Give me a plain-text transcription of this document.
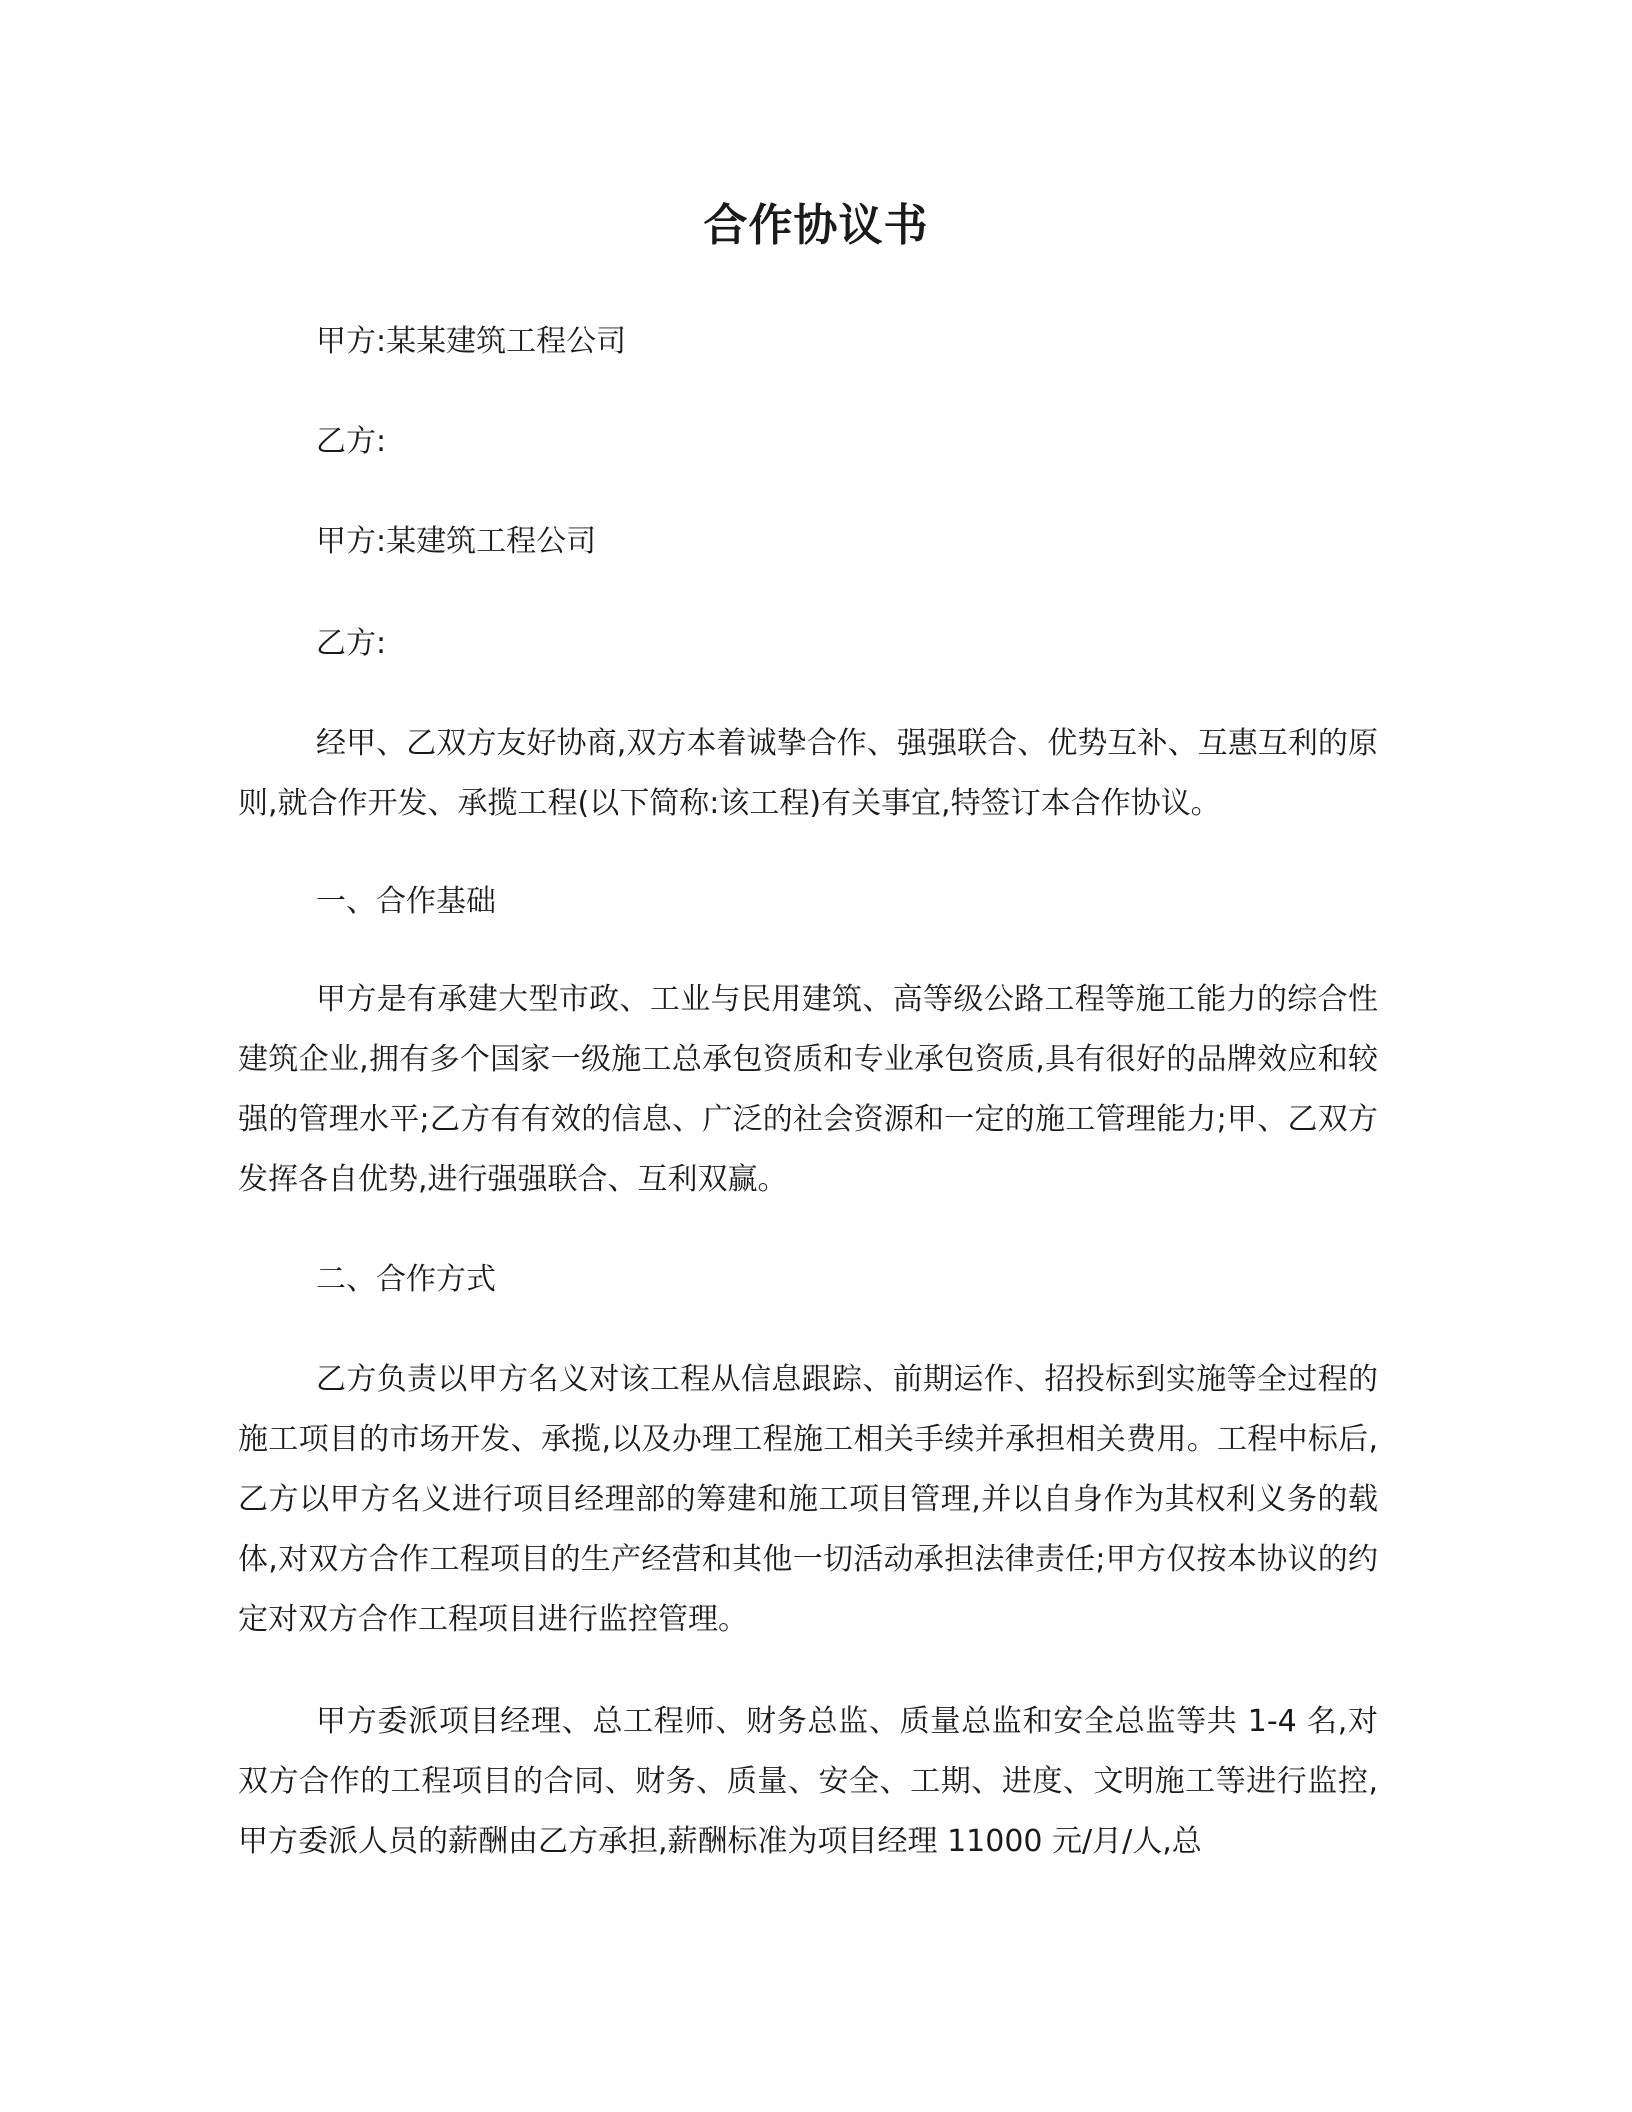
合作协议书
甲方:某某建筑工程公司
乙方:
甲方:某建筑工程公司
乙方:

经甲、乙双方友好协商,双方本着诚挚合作、强强联合、优势互补、互惠互利的原则,就合作开发、承揽工程(以下简称:该工程)有关事宜,特签订本合作协议。

一、合作基础

甲方是有承建大型市政、工业与民用建筑、高等级公路工程等施工能力的综合性建筑企业,拥有多个国家一级施工总承包资质和专业承包资质,具有很好的品牌效应和较强的管理水平;乙方有有效的信息、广泛的社会资源和一定的施工管理能力;甲、乙双方发挥各自优势,进行强强联合、互利双赢。

二、合作方式

乙方负责以甲方名义对该工程从信息跟踪、前期运作、招投标到实施等全过程的施工项目的市场开发、承揽,以及办理工程施工相关手续并承担相关费用。工程中标后,乙方以甲方名义进行项目经理部的筹建和施工项目管理,并以自身作为其权利义务的载体,对双方合作工程项目的生产经营和其他一切活动承担法律责任;甲方仅按本协议的约定对双方合作工程项目进行监控管理。

甲方委派项目经理、总工程师、财务总监、质量总监和安全总监等共 1-4 名,对双方合作的工程项目的合同、财务、质量、安全、工期、进度、文明施工等进行监控,甲方委派人员的薪酬由乙方承担,薪酬标准为项目经理 11000 元/月/人,总
